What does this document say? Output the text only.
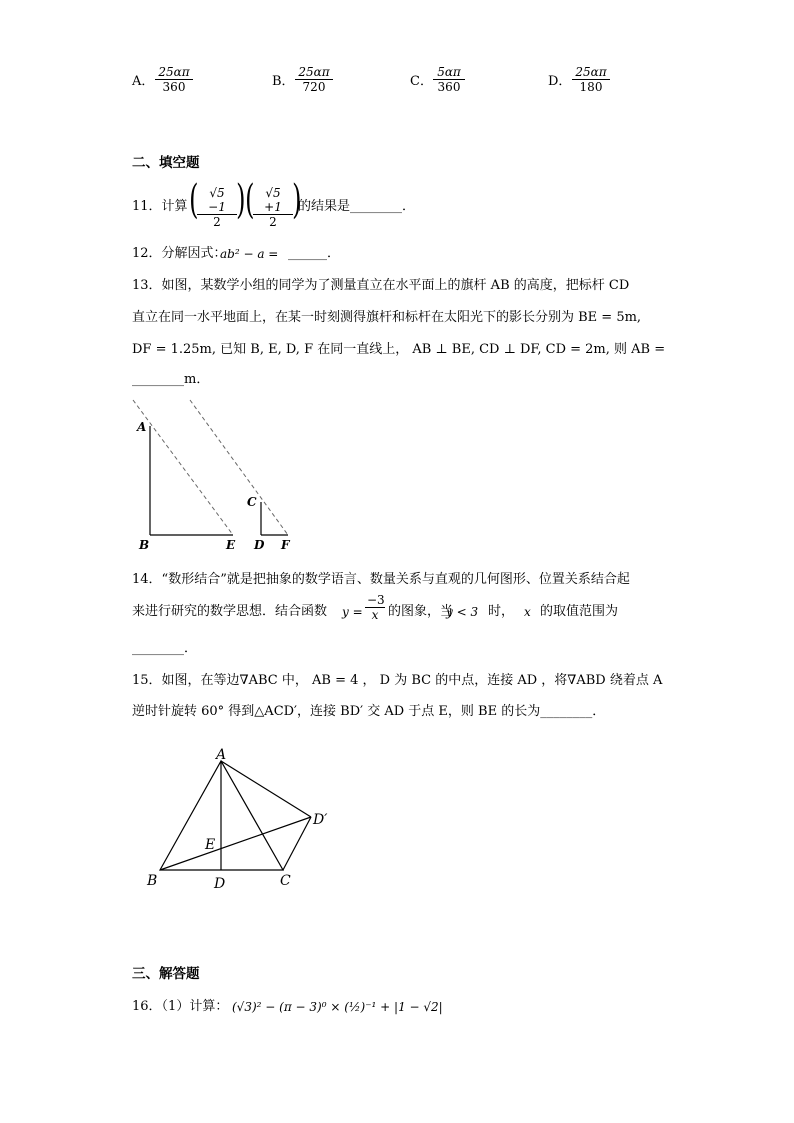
A． $\frac{25\alpha\pi}{360}$	B． $\frac{25\alpha\pi}{720}$	C． $\frac{5\alpha\pi}{360}$	D． $\frac{25\alpha\pi}{180}$
二、填空题
11．计算 (
$\frac{√5 -1}{2}$ ) (
$\frac{√5 +1}{2}$ )
的结果是________．
12．分解因式：
ab² − a = ______．
13．如图，某数学小组的同学为了测量直立在水平面上的旗杆 AB 的高度，把标杆 CD
直立在同一水平地面上，在某一时刻测得旗杆和标杆在太阳光下的影长分别为 BE = 5m,
DF = 1.25m, 已知 B, E, D, F 在同一直线上， AB ⊥ BE, CD ⊥ DF, CD = 2m, 则 AB =
________m．
A
B	E
C
D F
14．“数形结合”就是把抽象的数学语言、数量关系与直观的几何图形、位置关系结合起
来进行研究的数学思想．结合函数 $y = \frac{-3}{x}$ 的图象，当
y < 3 时， x 的取值范围为
________．
15．如图，在等边∇ABC 中， AB = 4 ， D 为 BC 的中点，连接 AD ，将∇ABD 绕着点 A
逆时针旋转 60° 得到△ACD′，连接 BD′ 交 AD 于点 E，则 BE 的长为________．
A
B	D	C
E
D′
三、解答题
16．（1）计算： (√3)² − (π − 3)⁰ × (½)⁻¹ + |1 − √2|
